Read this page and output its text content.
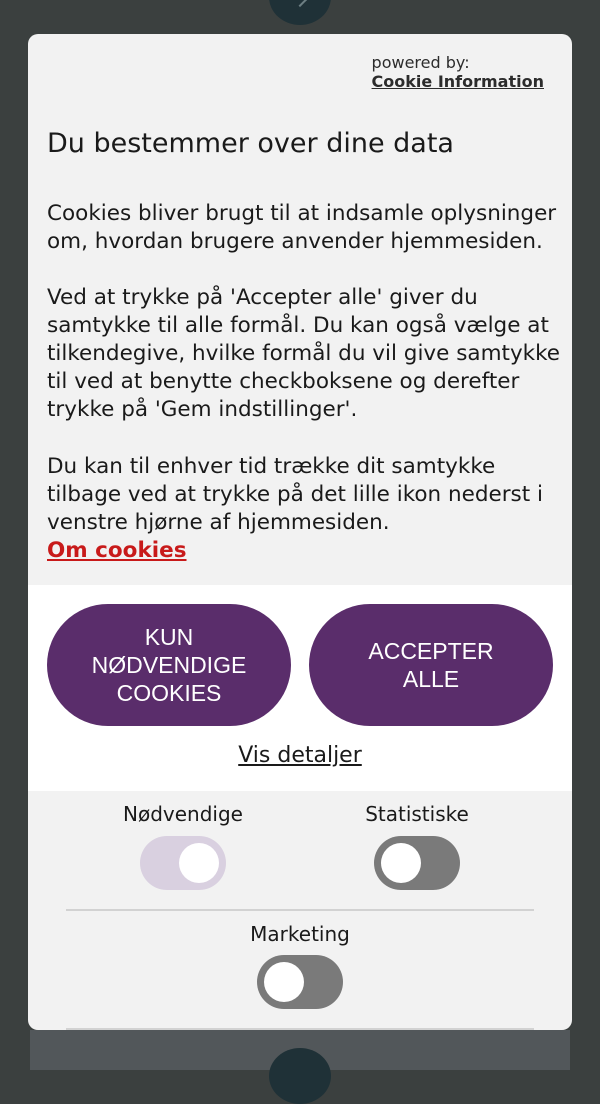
powered by:
Cookie Information
Du bestemmer over dine data
Cookies bliver brugt til at indsamle oplysninger om, hvordan brugere anvender hjemmesiden.
Ved at trykke på 'Accepter alle' giver du samtykke til alle formål. Du kan også vælge at tilkendegive, hvilke formål du vil give samtykke til ved at benytte checkboksene og derefter trykke på 'Gem indstillinger'.
Du kan til enhver tid trække dit samtykke tilbage ved at trykke på det lille ikon nederst i venstre hjørne af hjemmesiden.
Om cookies
KUN NØDVENDIGE COOKIES
ACCEPTER ALLE
Vis detaljer
Nødvendige	Statistiske
Marketing
